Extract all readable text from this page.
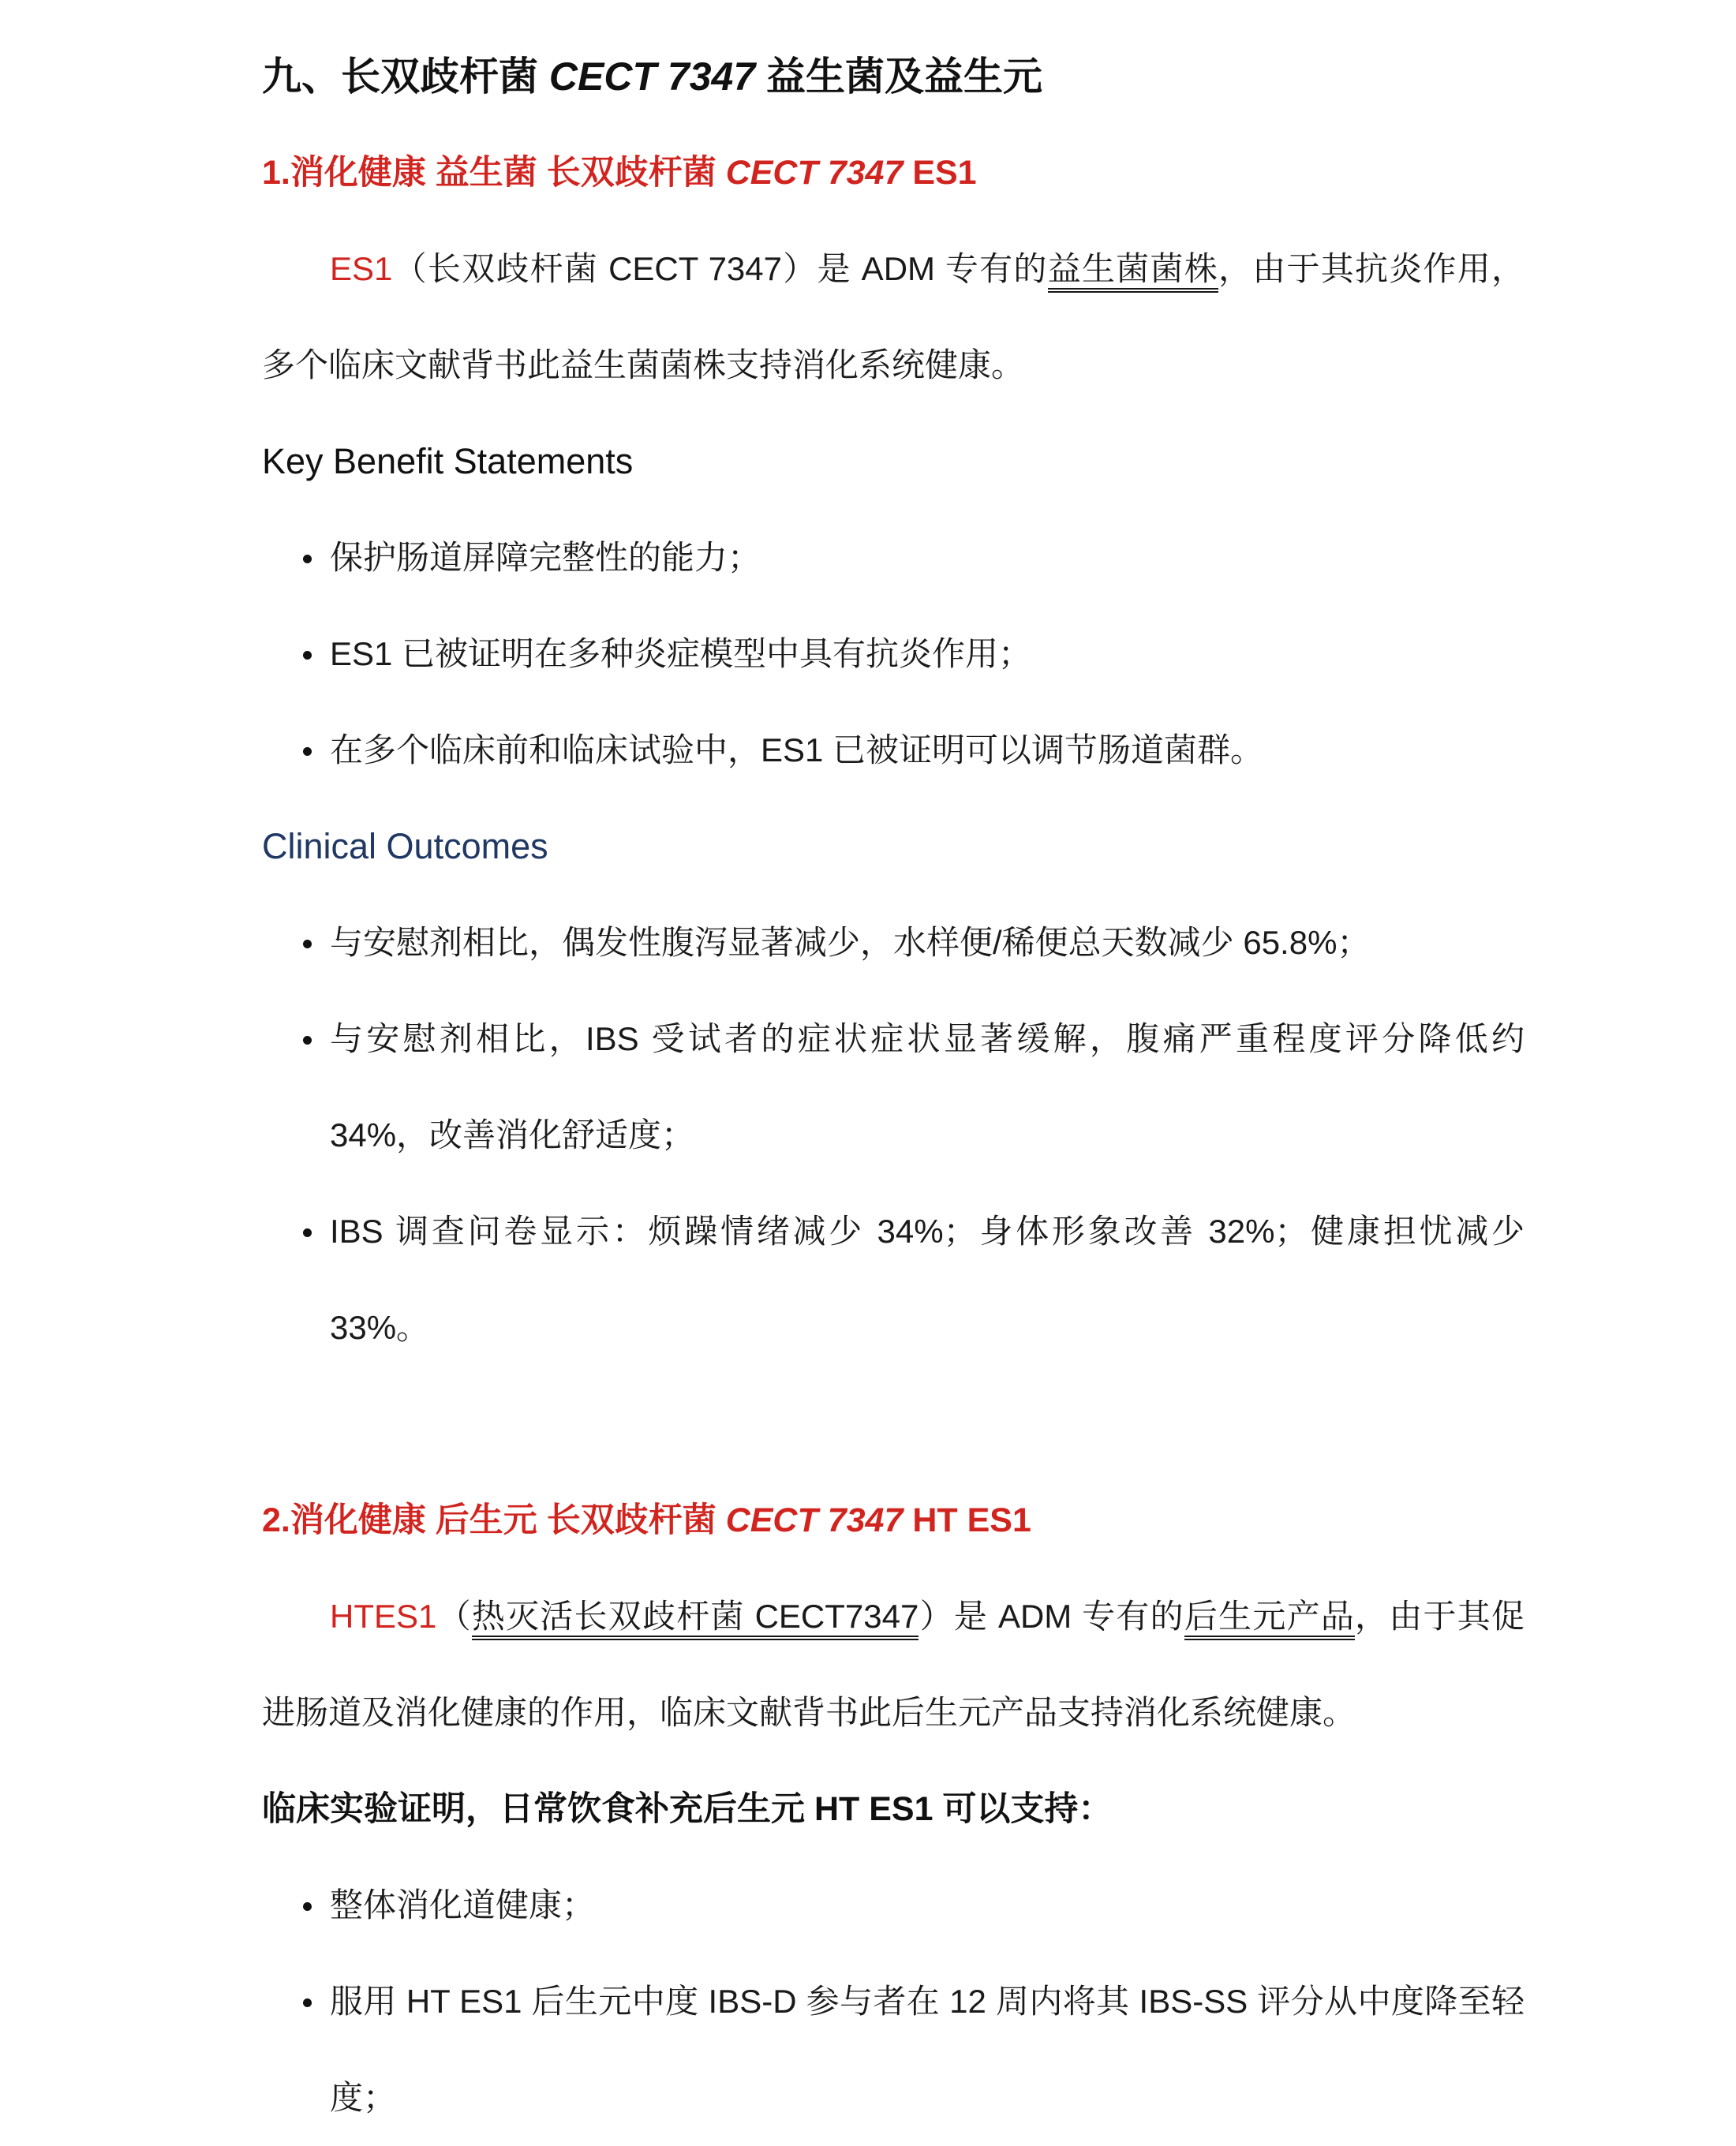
九、长双歧杆菌 CECT 7347 益生菌及益生元
1.消化健康 益生菌 长双歧杆菌 CECT 7347 ES1

ES1（长双歧杆菌 CECT 7347）是 ADM 专有的益生菌菌株，由于其抗炎作用，多个临床文献背书此益生菌菌株支持消化系统健康。

Key Benefit Statements
保护肠道屏障完整性的能力；
ES1 已被证明在多种炎症模型中具有抗炎作用；
在多个临床前和临床试验中，ES1 已被证明可以调节肠道菌群。
Clinical Outcomes
与安慰剂相比，偶发性腹泻显著减少，水样便/稀便总天数减少 65.8%；
与安慰剂相比，IBS 受试者的症状症状显著缓解，腹痛严重程度评分降低约 34%，改善消化舒适度；
IBS 调查问卷显示：烦躁情绪减少 34%；身体形象改善 32%；健康担忧减少 33%。
2.消化健康 后生元 长双歧杆菌 CECT 7347 HT ES1

HTES1（热灭活长双歧杆菌 CECT7347）是 ADM 专有的后生元产品，由于其促进肠道及消化健康的作用，临床文献背书此后生元产品支持消化系统健康。

临床实验证明，日常饮食补充后生元 HT ES1 可以支持：
整体消化道健康；
服用 HT ES1 后生元中度 IBS-D 参与者在 12 周内将其 IBS-SS 评分从中度降至轻度；
